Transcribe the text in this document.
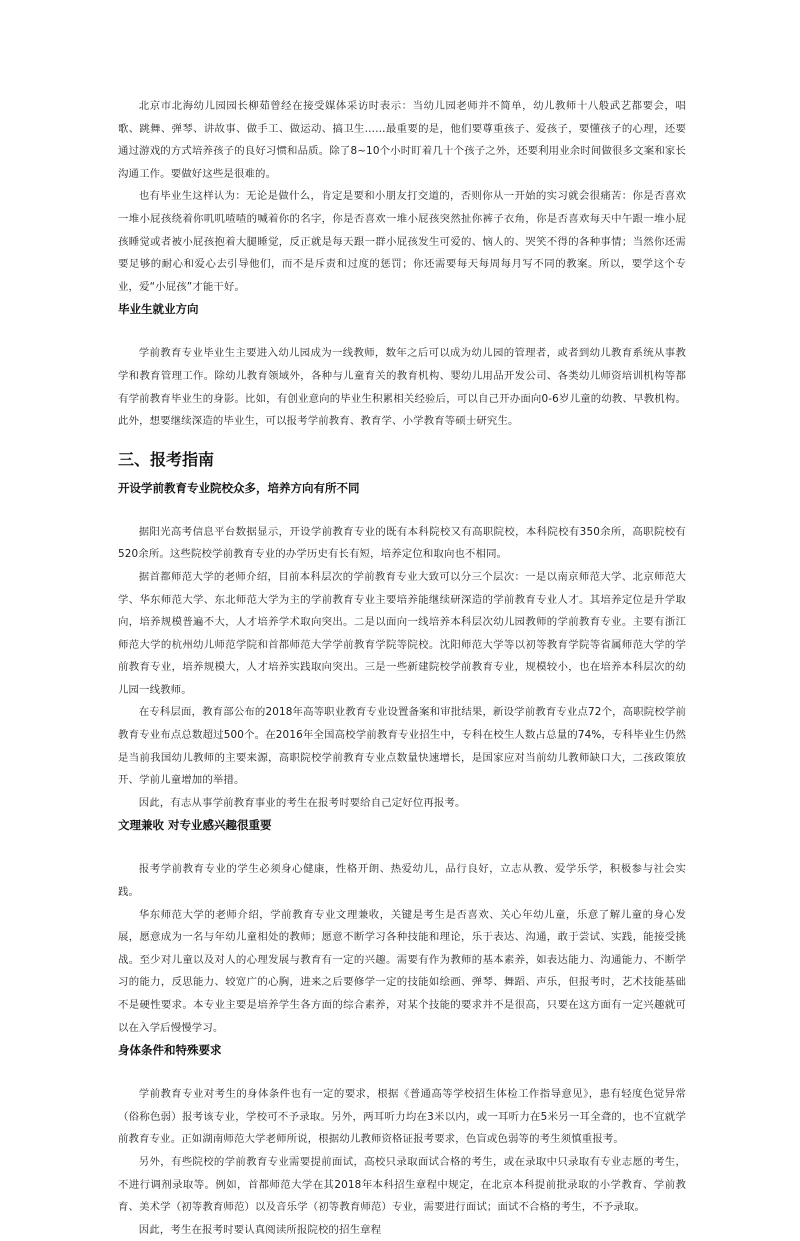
北京市北海幼儿园园长柳茹曾经在接受媒体采访时表示：当幼儿园老师并不简单，幼儿教师十八般武艺都要会，唱歌、跳舞、弹琴、讲故事、做手工、做运动、搞卫生……最重要的是，他们要尊重孩子、爱孩子，要懂孩子的心理，还要通过游戏的方式培养孩子的良好习惯和品质。除了8~10个小时盯着几十个孩子之外，还要利用业余时间做很多文案和家长沟通工作。要做好这些是很难的。

也有毕业生这样认为：无论是做什么，肯定是要和小朋友打交道的，否则你从一开始的实习就会很痛苦：你是否喜欢一堆小屁孩绕着你叽叽喳喳的喊着你的名字，你是否喜欢一堆小屁孩突然扯你裤子衣角，你是否喜欢每天中午跟一堆小屁孩睡觉或者被小屁孩抱着大腿睡觉，反正就是每天跟一群小屁孩发生可爱的、恼人的、哭笑不得的各种事情；当然你还需要足够的耐心和爱心去引导他们，而不是斥责和过度的惩罚；你还需要每天每周每月写不同的教案。所以，要学这个专业，爱“小屁孩”才能干好。

毕业生就业方向

学前教育专业毕业生主要进入幼儿园成为一线教师，数年之后可以成为幼儿园的管理者，或者到幼儿教育系统从事教学和教育管理工作。除幼儿教育领域外，各种与儿童育关的教育机构、婴幼儿用品开发公司、各类幼儿师资培训机构等都有学前教育毕业生的身影。比如，有创业意向的毕业生积累相关经验后，可以自己开办面向0-6岁儿童的幼教、早教机构。此外，想要继续深造的毕业生，可以报考学前教育、教育学、小学教育等硕士研究生。

三、报考指南
开设学前教育专业院校众多，培养方向有所不同

据阳光高考信息平台数据显示，开设学前教育专业的既有本科院校又有高职院校，本科院校有350余所，高职院校有520余所。这些院校学前教育专业的办学历史有长有短，培养定位和取向也不相同。

据首都师范大学的老师介绍，目前本科层次的学前教育专业大致可以分三个层次：一是以南京师范大学、北京师范大学、华东师范大学、东北师范大学为主的学前教育专业主要培养能继续研深造的学前教育专业人才。其培养定位是升学取向，培养规模普遍不大，人才培养学术取向突出。二是以面向一线培养本科层次幼儿园教师的学前教育专业。主要有浙江师范大学的杭州幼儿师范学院和首都师范大学学前教育学院等院校。沈阳师范大学等以初等教育学院等省属师范大学的学前教育专业，培养规模大，人才培养实践取向突出。三是一些新建院校学前教育专业，规模较小，也在培养本科层次的幼儿园一线教师。

在专科层面，教育部公布的2018年高等职业教育专业设置备案和审批结果，新设学前教育专业点72个，高职院校学前教育专业布点总数超过500个。在2016年全国高校学前教育专业招生中，专科在校生人数占总量的74%，专科毕业生仍然是当前我国幼儿教师的主要来源，高职院校学前教育专业点数量快速增长，是国家应对当前幼儿教师缺口大，二孩政策放开、学前儿童增加的举措。

因此，有志从事学前教育事业的考生在报考时要给自己定好位再报考。

文理兼收 对专业感兴趣很重要

报考学前教育专业的学生必须身心健康，性格开朗、热爱幼儿，品行良好，立志从教、爱学乐学，积极参与社会实践。

华东师范大学的老师介绍，学前教育专业文理兼收，关键是考生是否喜欢、关心年幼儿童，乐意了解儿童的身心发展，愿意成为一名与年幼儿童相处的教师；愿意不断学习各种技能和理论，乐于表达、沟通，敢于尝试、实践，能接受挑战。至少对儿童以及对人的心理发展与教育有一定的兴趣。需要有作为教师的基本素养，如表达能力、沟通能力、不断学习的能力，反思能力、较宽广的心胸，进来之后要修学一定的技能如绘画、弹琴、舞蹈、声乐，但报考时，艺术技能基础不是硬性要求。本专业主要是培养学生各方面的综合素养，对某个技能的要求并不是很高，只要在这方面有一定兴趣就可以在入学后慢慢学习。

身体条件和特殊要求

学前教育专业对考生的身体条件也有一定的要求，根据《普通高等学校招生体检工作指导意见》，患有轻度色觉异常（俗称色弱）报考该专业，学校可不予录取。另外，两耳听力均在3米以内，或一耳听力在5米另一耳全聋的，也不宜就学前教育专业。正如湖南师范大学老师所说，根据幼儿教师资格证报考要求，色盲或色弱等的考生须慎重报考。

另外，有些院校的学前教育专业需要提前面试，高校只录取面试合格的考生，或在录取中只录取有专业志愿的考生，不进行调剂录取等。例如，首都师范大学在其2018年本科招生章程中规定，在北京本科提前批录取的小学教育、学前教育、美术学（初等教育师范）以及音乐学（初等教育师范）专业，需要进行面试；面试不合格的考生，不予录取。

因此，考生在报考时要认真阅读所报院校的招生章程
